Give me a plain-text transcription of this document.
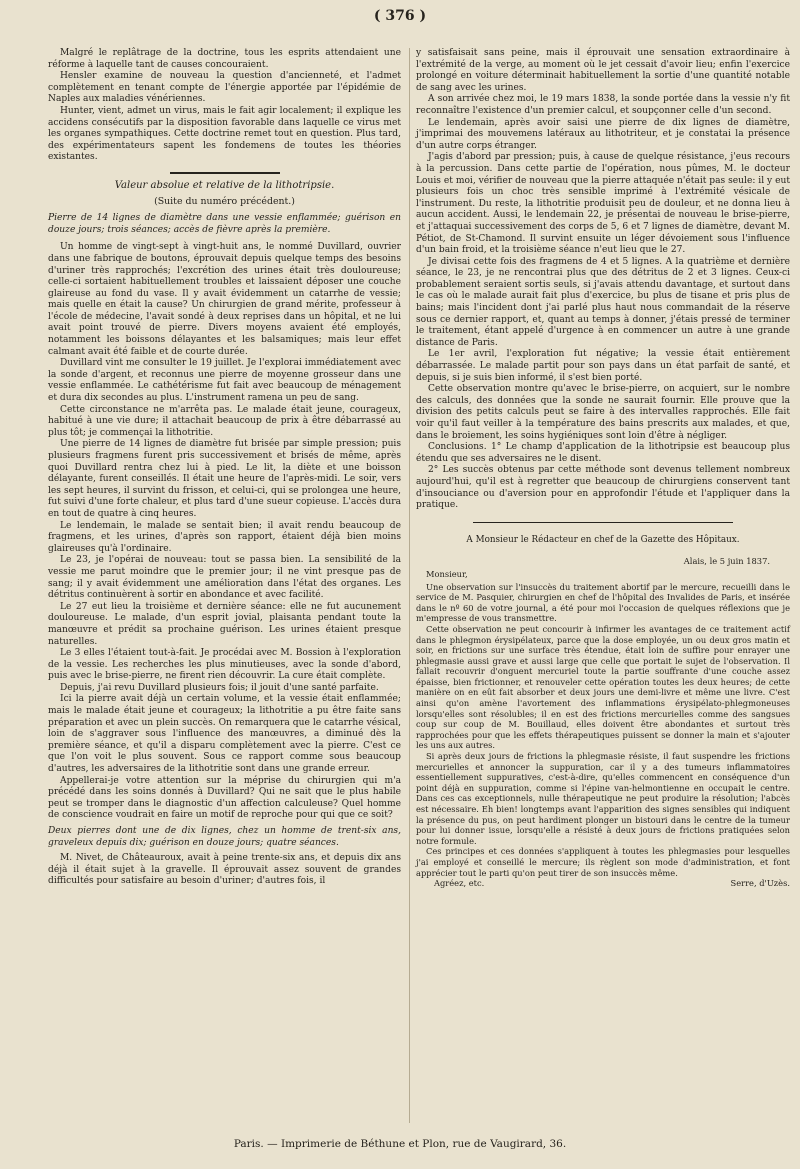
( 376 )

Malgré le replâtrage de la doctrine, tous les esprits attendaient une réforme à laquelle tant de causes concouraient.

Hensler examine de nouveau la question d'ancienneté, et l'admet complètement en tenant compte de l'énergie apportée par l'épidémie de Naples aux maladies vénériennes.

Hunter, vient, admet un virus, mais le fait agir localement; il explique les accidens consécutifs par la disposition favorable dans laquelle ce virus met les organes sympathiques. Cette doctrine remet tout en question. Plus tard, des expérimentateurs sapent les fondemens de toutes les théories existantes.

Valeur absolue et relative de la lithotripsie.

(Suite du numéro précédent.)

Pierre de 14 lignes de diamètre dans une vessie enflammée; guérison en douze jours; trois séances; accès de fièvre après la première.

Un homme de vingt-sept à vingt-huit ans, le nommé Duvillard, ouvrier dans une fabrique de boutons, éprouvait depuis quelque temps des besoins d'uriner très rapprochés; l'excrétion des urines était très douloureuse; celle-ci sortaient habituellement troubles et laissaient déposer une couche glaireuse au fond du vase. Il y avait évidemment un catarrhe de vessie; mais quelle en était la cause? Un chirurgien de grand mérite, professeur à l'école de médecine, l'avait sondé à deux reprises dans un hôpital, et ne lui avait point trouvé de pierre. Divers moyens avaient été employés, notamment les boissons délayantes et les balsamiques; mais leur effet calmant avait été faible et de courte durée.

Duvillard vint me consulter le 19 juillet. Je l'explorai immédiatement avec la sonde d'argent, et reconnus une pierre de moyenne grosseur dans une vessie enflammée. Le cathétérisme fut fait avec beaucoup de ménagement et dura dix secondes au plus. L'instrument ramena un peu de sang.

Cette circonstance ne m'arrêta pas. Le malade était jeune, courageux, habitué à une vie dure; il attachait beaucoup de prix à être débarrassé au plus tôt; je commençai la lithotritie.

Une pierre de 14 lignes de diamètre fut brisée par simple pression; puis plusieurs fragmens furent pris successivement et brisés de même, après quoi Duvillard rentra chez lui à pied. Le lit, la diète et une boisson délayante, furent conseillés. Il était une heure de l'après-midi. Le soir, vers les sept heures, il survint du frisson, et celui-ci, qui se prolongea une heure, fut suivi d'une forte chaleur, et plus tard d'une sueur copieuse. L'accès dura en tout de quatre à cinq heures.

Le lendemain, le malade se sentait bien; il avait rendu beaucoup de fragmens, et les urines, d'après son rapport, étaient déjà bien moins glaireuses qu'à l'ordinaire.

Le 23, je l'opérai de nouveau: tout se passa bien. La sensibilité de la vessie me parut moindre que le premier jour; il ne vint presque pas de sang; il y avait évidemment une amélioration dans l'état des organes. Les détritus continuèrent à sortir en abondance et avec facilité.

Le 27 eut lieu la troisième et dernière séance: elle ne fut aucunement douloureuse. Le malade, d'un esprit jovial, plaisanta pendant toute la manœuvre et prédit sa prochaine guérison. Les urines étaient presque naturelles.

Le 3 elles l'étaient tout-à-fait. Je procédai avec M. Bossion à l'exploration de la vessie. Les recherches les plus minutieuses, avec la sonde d'abord, puis avec le brise-pierre, ne firent rien découvrir. La cure était complète.

Depuis, j'ai revu Duvillard plusieurs fois; il jouit d'une santé parfaite.

Ici la pierre avait déjà un certain volume, et la vessie était enflammée; mais le malade était jeune et courageux; la lithotritie a pu être faite sans préparation et avec un plein succès. On remarquera que le catarrhe vésical, loin de s'aggraver sous l'influence des manœuvres, a diminué dès la première séance, et qu'il a disparu complètement avec la pierre. C'est ce que l'on voit le plus souvent. Sous ce rapport comme sous beaucoup d'autres, les adversaires de la lithotritie sont dans une grande erreur.

Appellerai-je votre attention sur la méprise du chirurgien qui m'a précédé dans les soins donnés à Duvillard? Qui ne sait que le plus habile peut se tromper dans le diagnostic d'un affection calculeuse? Quel homme de conscience voudrait en faire un motif de reproche pour qui que ce soit?

Deux pierres dont une de dix lignes, chez un homme de trent-six ans, graveleux depuis dix; guérison en douze jours; quatre séances.

M. Nivet, de Châteauroux, avait à peine trente-six ans, et depuis dix ans déjà il était sujet à la gravelle. Il éprouvait assez souvent de grandes difficultés pour satisfaire au besoin d'uriner; d'autres fois, il

y satisfaisait sans peine, mais il éprouvait une sensation extraordinaire à l'extrémité de la verge, au moment où le jet cessait d'avoir lieu; enfin l'exercice prolongé en voiture déterminait habituellement la sortie d'une quantité notable de sang avec les urines.

A son arrivée chez moi, le 19 mars 1838, la sonde portée dans la vessie n'y fit reconnaître l'existence d'un premier calcul, et soupçonner celle d'un second.

Le lendemain, après avoir saisi une pierre de dix lignes de diamètre, j'imprimai des mouvemens latéraux au lithotriteur, et je constatai la présence d'un autre corps étranger.

J'agis d'abord par pression; puis, à cause de quelque résistance, j'eus recours à la percussion. Dans cette partie de l'opération, nous pûmes, M. le docteur Louis et moi, vérifier de nouveau que la pierre attaquée n'était pas seule: il y eut plusieurs fois un choc très sensible imprimé à l'extrémité vésicale de l'instrument. Du reste, la lithotritie produisit peu de douleur, et ne donna lieu à aucun accident. Aussi, le lendemain 22, je présentai de nouveau le brise-pierre, et j'attaquai successivement des corps de 5, 6 et 7 lignes de diamètre, devant M. Pétiot, de St-Chamond. Il survint ensuite un léger dévoiement sous l'influence d'un bain froid, et la troisième séance n'eut lieu que le 27.

Je divisai cette fois des fragmens de 4 et 5 lignes. A la quatrième et dernière séance, le 23, je ne rencontrai plus que des détritus de 2 et 3 lignes. Ceux-ci probablement seraient sortis seuls, si j'avais attendu davantage, et surtout dans le cas où le malade aurait fait plus d'exercice, bu plus de tisane et pris plus de bains; mais l'incident dont j'ai parlé plus haut nous commandait de la réserve sous ce dernier rapport, et, quant au temps à donner, j'étais pressé de terminer le traitement, étant appelé d'urgence à en commencer un autre à une grande distance de Paris.

Le 1er avril, l'exploration fut négative; la vessie était entièrement débarrassée. Le malade partit pour son pays dans un état parfait de santé, et depuis, si je suis bien informé, il s'est bien porté.

Cette observation montre qu'avec le brise-pierre, on acquiert, sur le nombre des calculs, des données que la sonde ne saurait fournir. Elle prouve que la division des petits calculs peut se faire à des intervalles rapprochés. Elle fait voir qu'il faut veiller à la température des bains prescrits aux malades, et que, dans le broiement, les soins hygiéniques sont loin d'être à négliger.

Conclusions. 1° Le champ d'application de la lithotripsie est beaucoup plus étendu que ses adversaires ne le disent.

2° Les succès obtenus par cette méthode sont devenus tellement nombreux aujourd'hui, qu'il est à regretter que beaucoup de chirurgiens conservent tant d'insouciance ou d'aversion pour en approfondir l'étude et l'appliquer dans la pratique.

A Monsieur le Rédacteur en chef de la Gazette des Hôpitaux.

Alais, le 5 juin 1837.

Monsieur,

Une observation sur l'insuccès du traitement abortif par le mercure, recueilli dans le service de M. Pasquier, chirurgien en chef de l'hôpital des Invalides de Paris, et insérée dans le nº 60 de votre journal, a été pour moi l'occasion de quelques réflexions que je m'empresse de vous transmettre.

Cette observation ne peut concourir à infirmer les avantages de ce traitement actif dans le phlegmon érysipélateux, parce que la dose employée, un ou deux gros matin et soir, en frictions sur une surface très étendue, était loin de suffire pour enrayer une phlegmasie aussi grave et aussi large que celle que portait le sujet de l'observation. Il fallait recouvrir d'onguent mercuriel toute la partie souffrante d'une couche assez épaisse, bien frictionner, et renouveler cette opération toutes les deux heures; de cette manière on en eût fait absorber et deux jours une demi-livre et même une livre. C'est ainsi qu'on amène l'avortement des inflammations érysipélato-phlegmoneuses lorsqu'elles sont résolubles; il en est des frictions mercurielles comme des sangsues coup sur coup de M. Bouillaud, elles doivent être abondantes et surtout très rapprochées pour que les effets thérapeutiques puissent se donner la main et s'ajouter les uns aux autres.

Si après deux jours de frictions la phlegmasie résiste, il faut suspendre les frictions mercurielles et annoncer la suppuration, car il y a des tumeurs inflammatoires essentiellement suppuratives, c'est-à-dire, qu'elles commencent en conséquence d'un point déjà en suppuration, comme si l'épine van-helmontienne en occupait le centre. Dans ces cas exceptionnels, nulle thérapeutique ne peut produire la résolution; l'abcès est nécessaire. Eh bien! longtemps avant l'apparition des signes sensibles qui indiquent la présence du pus, on peut hardiment plonger un bistouri dans le centre de la tumeur pour lui donner issue, lorsqu'elle a résisté à deux jours de frictions pratiquées selon notre formule.

Ces principes et ces données s'appliquent à toutes les phlegmasies pour lesquelles j'ai employé et conseillé le mercure; ils règlent son mode d'administration, et font apprécier tout le parti qu'on peut tirer de son insuccès même.

Agréez, etc.	Serre, d'Uzès.
Paris. — Imprimerie de Béthune et Plon, rue de Vaugirard, 36.
